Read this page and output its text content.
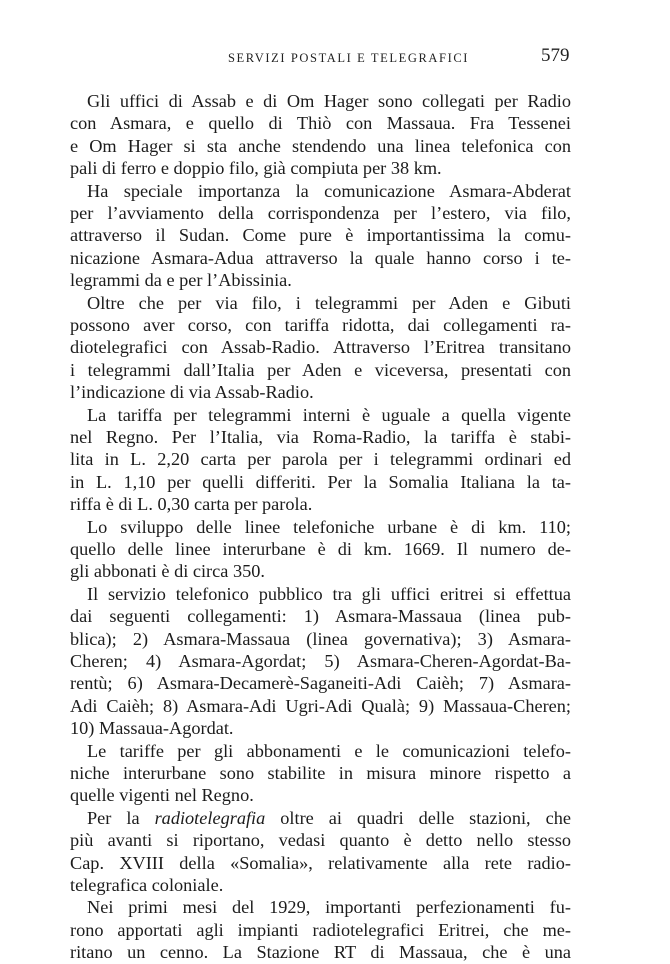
SERVIZI POSTALI E TELEGRAFICI	579
Gli uffici di Assab e di Om Hager sono collegati per Radio
con Asmara, e quello di Thiò con Massaua. Fra Tessenei
e Om Hager si sta anche stendendo una linea telefonica con
pali di ferro e doppio filo, già compiuta per 38 km.
Ha speciale importanza la comunicazione Asmara-Abderat
per l’avviamento della corrispondenza per l’estero, via filo,
attraverso il Sudan. Come pure è importantissima la comu-
nicazione Asmara-Adua attraverso la quale hanno corso i te-
legrammi da e per l’Abissinia.
Oltre che per via filo, i telegrammi per Aden e Gibuti
possono aver corso, con tariffa ridotta, dai collegamenti ra-
diotelegrafici con Assab-Radio. Attraverso l’Eritrea transitano
i telegrammi dall’Italia per Aden e viceversa, presentati con
l’indicazione di via Assab-Radio.
La tariffa per telegrammi interni è uguale a quella vigente
nel Regno. Per l’Italia, via Roma-Radio, la tariffa è stabi-
lita in L. 2,20 carta per parola per i telegrammi ordinari ed
in L. 1,10 per quelli differiti. Per la Somalia Italiana la ta-
riffa è di L. 0,30 carta per parola.
Lo sviluppo delle linee telefoniche urbane è di km. 110;
quello delle linee interurbane è di km. 1669. Il numero de-
gli abbonati è di circa 350.
Il servizio telefonico pubblico tra gli uffici eritrei si effettua
dai seguenti collegamenti: 1) Asmara-Massaua (linea pub-
blica); 2) Asmara-Massaua (linea governativa); 3) Asmara-
Cheren; 4) Asmara-Agordat; 5) Asmara-Cheren-Agordat-Ba-
rentù; 6) Asmara-Decamerè-Saganeiti-Adi Caièh; 7) Asmara-
Adi Caièh; 8) Asmara-Adi Ugri-Adi Qualà; 9) Massaua-Cheren;
10) Massaua-Agordat.
Le tariffe per gli abbonamenti e le comunicazioni telefo-
niche interurbane sono stabilite in misura minore rispetto a
quelle vigenti nel Regno.
Per la radiotelegrafia oltre ai quadri delle stazioni, che
più avanti si riportano, vedasi quanto è detto nello stesso
Cap. XVIII della «Somalia», relativamente alla rete radio-
telegrafica coloniale.
Nei primi mesi del 1929, importanti perfezionamenti fu-
rono apportati agli impianti radiotelegrafici Eritrei, che me-
ritano un cenno. La Stazione RT di Massaua, che è una
